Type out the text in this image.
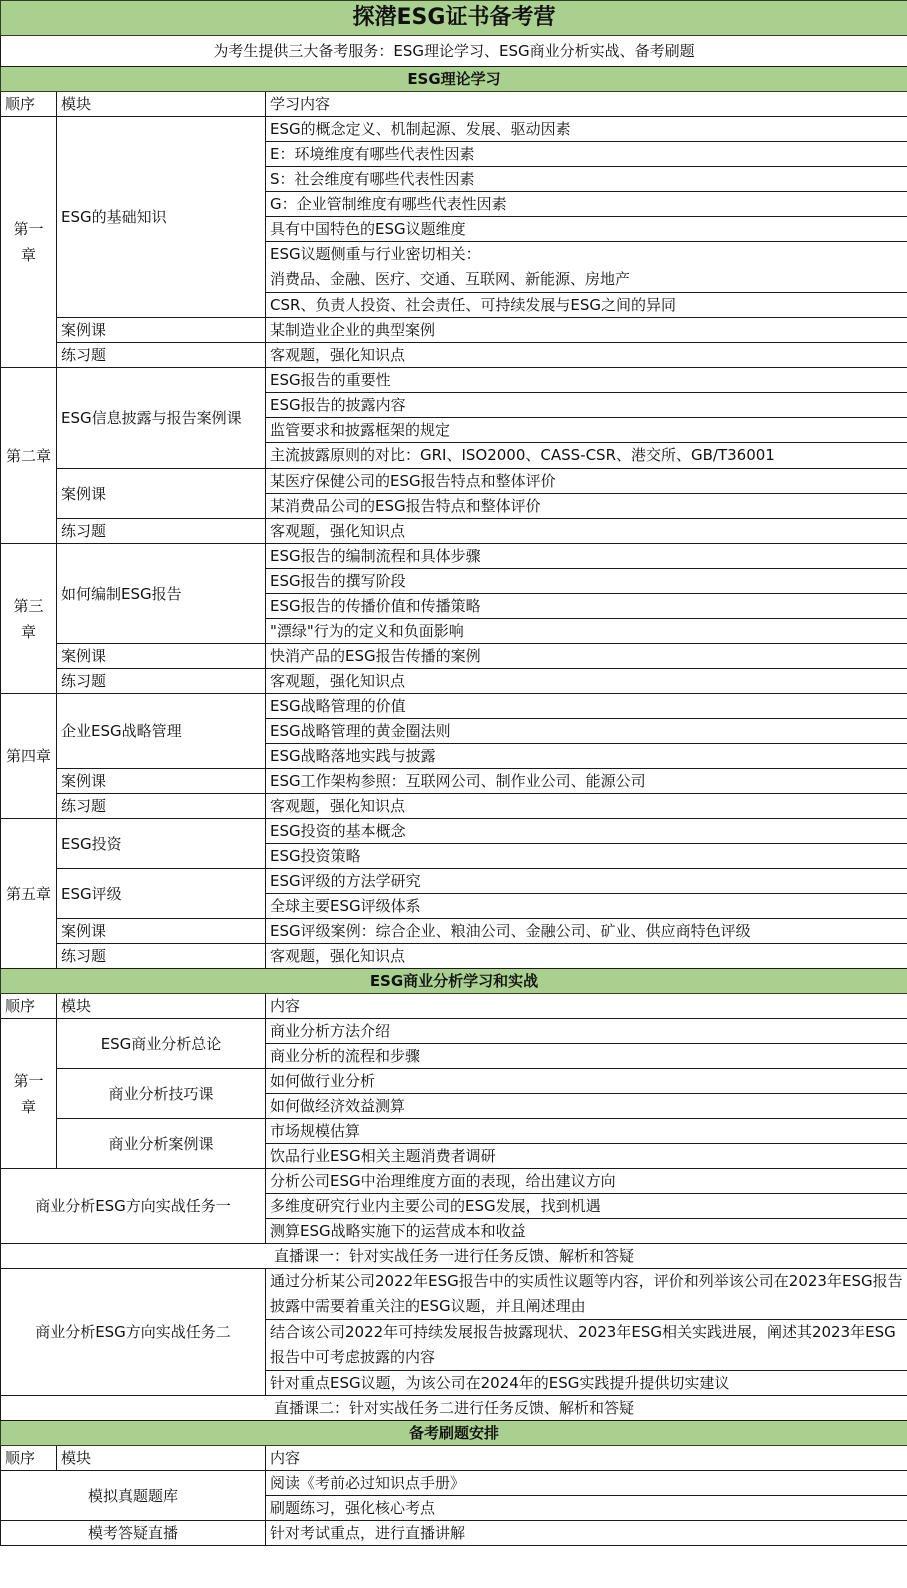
探潜ESG证书备考营		
为考生提供三大备考服务：ESG理论学习、ESG商业分析实战、备考刷题		
ESG理论学习		
顺序	模块	学习内容
第一
章	ESG的基础知识	ESG的概念定义、机制起源、发展、驱动因素
		E：环境维度有哪些代表性因素
		S：社会维度有哪些代表性因素
		G：企业管制维度有哪些代表性因素
		具有中国特色的ESG议题维度
		ESG议题侧重与行业密切相关：
消费品、金融、医疗、交通、互联网、新能源、房地产
		CSR、负责人投资、社会责任、可持续发展与ESG之间的异同
	案例课	某制造业企业的典型案例
	练习题	客观题，强化知识点
第二章	ESG信息披露与报告案例课	ESG报告的重要性
		ESG报告的披露内容
		监管要求和披露框架的规定
		主流披露原则的对比：GRI、ISO2000、CASS-CSR、港交所、GB/T36001
	案例课	某医疗保健公司的ESG报告特点和整体评价
		某消费品公司的ESG报告特点和整体评价
	练习题	客观题，强化知识点
第三
章	如何编制ESG报告	ESG报告的编制流程和具体步骤
		ESG报告的撰写阶段
		ESG报告的传播价值和传播策略
		"漂绿"行为的定义和负面影响
	案例课	快消产品的ESG报告传播的案例
	练习题	客观题，强化知识点
第四章	企业ESG战略管理	ESG战略管理的价值
		ESG战略管理的黄金圈法则
		ESG战略落地实践与披露
	案例课	ESG工作架构参照：互联网公司、制作业公司、能源公司
	练习题	客观题，强化知识点
第五章	ESG投资	ESG投资的基本概念
		ESG投资策略
	ESG评级	ESG评级的方法学研究
		全球主要ESG评级体系
	案例课	ESG评级案例：综合企业、粮油公司、金融公司、矿业、供应商特色评级
	练习题	客观题，强化知识点
ESG商业分析学习和实战		
顺序	模块	内容
第一
章	ESG商业分析总论	商业分析方法介绍
		商业分析的流程和步骤
	商业分析技巧课	如何做行业分析
		如何做经济效益测算
	商业分析案例课	市场规模估算
		饮品行业ESG相关主题消费者调研
商业分析ESG方向实战任务一		分析公司ESG中治理维度方面的表现，给出建议方向
		多维度研究行业内主要公司的ESG发展，找到机遇
		测算ESG战略实施下的运营成本和收益
直播课一：针对实战任务一进行任务反馈、解析和答疑		
商业分析ESG方向实战任务二		通过分析某公司2022年ESG报告中的实质性议题等内容，评价和列举该公司在2023年ESG报告披露中需要着重关注的ESG议题，并且阐述理由
		结合该公司2022年可持续发展报告披露现状、2023年ESG相关实践进展，阐述其2023年ESG报告中可考虑披露的内容
		针对重点ESG议题，为该公司在2024年的ESG实践提升提供切实建议
直播课二：针对实战任务二进行任务反馈、解析和答疑		
备考刷题安排		
顺序	模块	内容
模拟真题题库		阅读《考前必过知识点手册》
		刷题练习，强化核心考点
模考答疑直播		针对考试重点，进行直播讲解
